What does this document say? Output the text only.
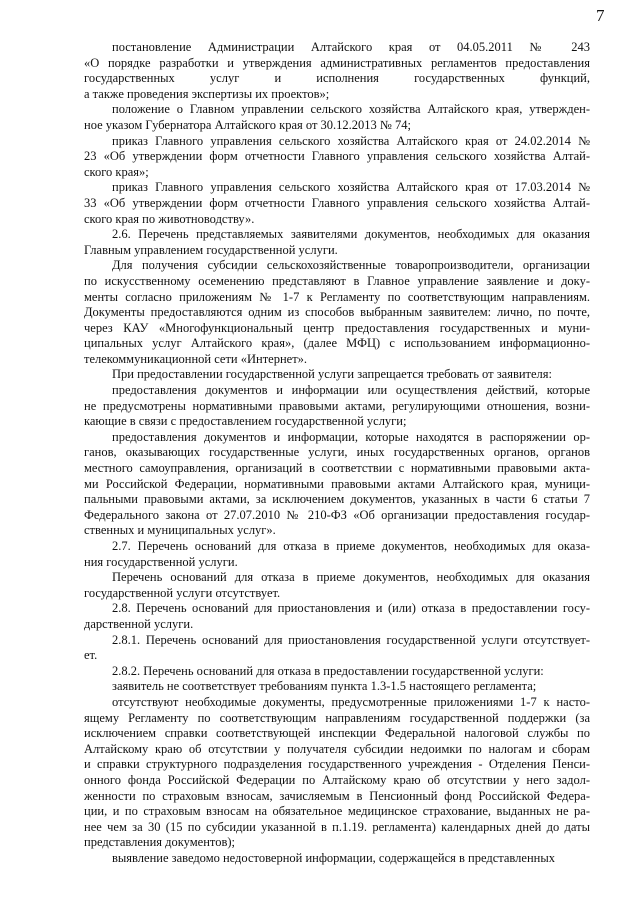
7
постановление Администрации Алтайского края от 04.05.2011 № 243
«О порядке разработки и утверждения административных регламентов предоставления
государственных услуг и исполнения государственных функций,
а также проведения экспертизы их проектов»;
положение о Главном управлении сельского хозяйства Алтайского края, утвержден-
ное указом Губернатора Алтайского края от 30.12.2013 № 74;
приказ Главного управления сельского хозяйства Алтайского края от 24.02.2014 №
23 «Об утверждении форм отчетности Главного управления сельского хозяйства Алтай-
ского края»;
приказ Главного управления сельского хозяйства Алтайского края от 17.03.2014 №
33 «Об утверждении форм отчетности Главного управления сельского хозяйства Алтай-
ского края по животноводству».
2.6. Перечень представляемых заявителями документов, необходимых для оказания
Главным управлением государственной услуги.
Для получения субсидии сельскохозяйственные товаропроизводители, организации
по искусственному осеменению представляют в Главное управление заявление и доку-
менты согласно приложениям № 1-7 к Регламенту по соответствующим направлениям.
Документы предоставляются одним из способов выбранным заявителем: лично, по почте,
через КАУ «Многофункциональный центр предоставления государственных и муни-
ципальных услуг Алтайского края», (далее МФЦ) с использованием информационно-
телекоммуникационной сети «Интернет».
При предоставлении государственной услуги запрещается требовать от заявителя:
предоставления документов и информации или осуществления действий, которые
не предусмотрены нормативными правовыми актами, регулирующими отношения, возни-
кающие в связи с предоставлением государственной услуги;
предоставления документов и информации, которые находятся в распоряжении ор-
ганов, оказывающих государственные услуги, иных государственных органов, органов
местного самоуправления, организаций в соответствии с нормативными правовыми акта-
ми Российской Федерации, нормативными правовыми актами Алтайского края, муници-
пальными правовыми актами, за исключением документов, указанных в части 6 статьи 7
Федерального закона от 27.07.2010 № 210-ФЗ «Об организации предоставления государ-
ственных и муниципальных услуг».
2.7. Перечень оснований для отказа в приеме документов, необходимых для оказа-
ния государственной услуги.
Перечень оснований для отказа в приеме документов, необходимых для оказания
государственной услуги отсутствует.
2.8. Перечень оснований для приостановления и (или) отказа в предоставлении госу-
дарственной услуги.
2.8.1. Перечень оснований для приостановления государственной услуги отсутствует-
ет.
2.8.2. Перечень оснований для отказа в предоставлении государственной услуги:
заявитель не соответствует требованиям пункта 1.3-1.5 настоящего регламента;
отсутствуют необходимые документы, предусмотренные приложениями 1-7 к насто-
ящему Регламенту по соответствующим направлениям государственной поддержки (за
исключением справки соответствующей инспекции Федеральной налоговой службы по
Алтайскому краю об отсутствии у получателя субсидии недоимки по налогам и сборам
и справки структурного подразделения государственного учреждения - Отделения Пенси-
онного фонда Российской Федерации по Алтайскому краю об отсутствии у него задол-
женности по страховым взносам, зачисляемым в Пенсионный фонд Российской Федера-
ции, и по страховым взносам на обязательное медицинское страхование, выданных не ра-
нее чем за 30 (15 по субсидии указанной в п.1.19. регламента) календарных дней до даты
представления документов);
выявление заведомо недостоверной информации, содержащейся в представленных
